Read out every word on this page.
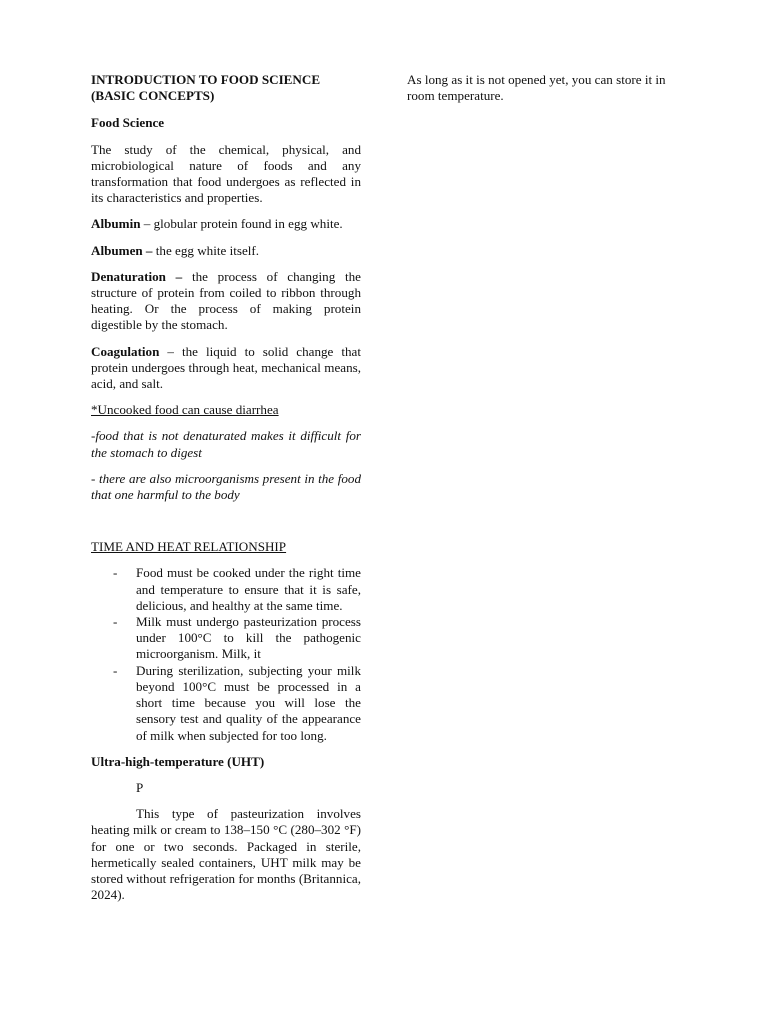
INTRODUCTION TO FOOD SCIENCE (BASIC CONCEPTS)

Food Science

The study of the chemical, physical, and microbiological nature of foods and any transformation that food undergoes as reflected in its characteristics and properties.

Albumin – globular protein found in egg white.

Albumen – the egg white itself.

Denaturation – the process of changing the structure of protein from coiled to ribbon through heating. Or the process of making protein digestible by the stomach.

Coagulation – the liquid to solid change that protein undergoes through heat, mechanical means, acid, and salt.

*Uncooked food can cause diarrhea

-food that is not denaturated makes it difficult for the stomach to digest

- there are also microorganisms present in the food that one harmful to the body

TIME AND HEAT RELATIONSHIP

- Food must be cooked under the right time and temperature to ensure that it is safe, delicious, and healthy at the same time.
- Milk must undergo pasteurization process under 100°C to kill the pathogenic microorganism. Milk, it
- During sterilization, subjecting your milk beyond 100°C must be processed in a short time because you will lose the sensory test and quality of the appearance of milk when subjected for too long.

Ultra-high-temperature (UHT)

P

This type of pasteurization involves heating milk or cream to 138–150 °C (280–302 °F) for one or two seconds. Packaged in sterile, hermetically sealed containers, UHT milk may be stored without refrigeration for months (Britannica, 2024).

As long as it is not opened yet, you can store it in room temperature.
